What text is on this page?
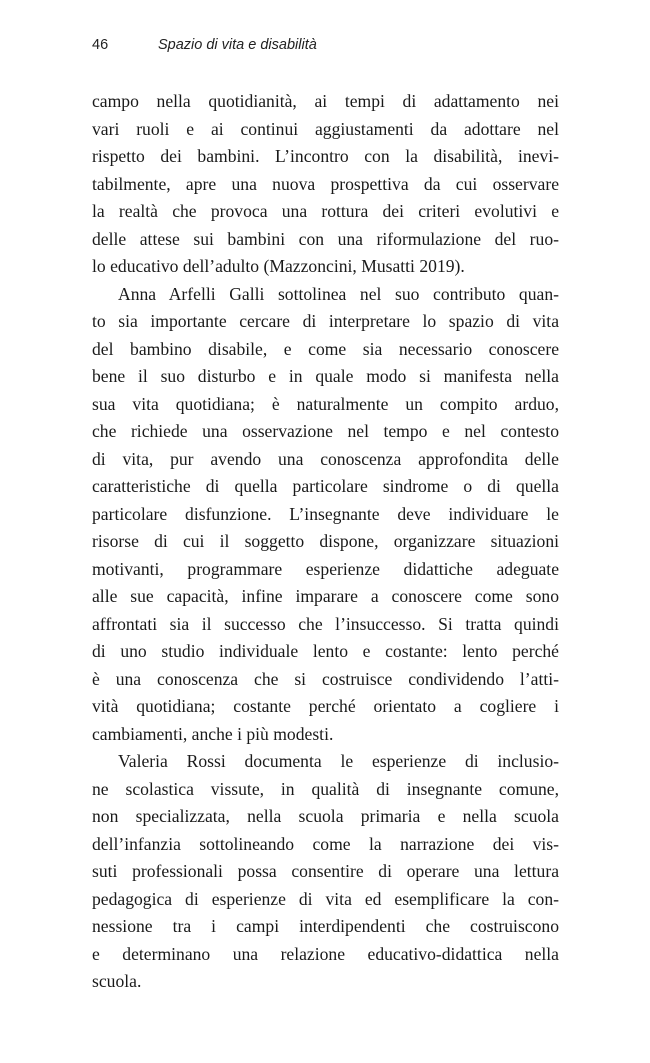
46	Spazio di vita e disabilità
campo nella quotidianità, ai tempi di adattamento nei
vari ruoli e ai continui aggiustamenti da adottare nel
rispetto dei bambini. L’incontro con la disabilità, inevi-
tabilmente, apre una nuova prospettiva da cui osservare
la realtà che provoca una rottura dei criteri evolutivi e
delle attese sui bambini con una riformulazione del ruo-
lo educativo dell’adulto (Mazzoncini, Musatti 2019).
Anna Arfelli Galli sottolinea nel suo contributo quan-
to sia importante cercare di interpretare lo spazio di vita
del bambino disabile, e come sia necessario conoscere
bene il suo disturbo e in quale modo si manifesta nella
sua vita quotidiana; è naturalmente un compito arduo,
che richiede una osservazione nel tempo e nel contesto
di vita, pur avendo una conoscenza approfondita delle
caratteristiche di quella particolare sindrome o di quella
particolare disfunzione. L’insegnante deve individuare le
risorse di cui il soggetto dispone, organizzare situazioni
motivanti, programmare esperienze didattiche adeguate
alle sue capacità, infine imparare a conoscere come sono
affrontati sia il successo che l’insuccesso. Si tratta quindi
di uno studio individuale lento e costante: lento perché
è una conoscenza che si costruisce condividendo l’atti-
vità quotidiana; costante perché orientato a cogliere i
cambiamenti, anche i più modesti.
Valeria Rossi documenta le esperienze di inclusio-
ne scolastica vissute, in qualità di insegnante comune,
non specializzata, nella scuola primaria e nella scuola
dell’infanzia sottolineando come la narrazione dei vis-
suti professionali possa consentire di operare una lettura
pedagogica di esperienze di vita ed esemplificare la con-
nessione tra i campi interdipendenti che costruiscono
e determinano una relazione educativo-didattica nella
scuola.
